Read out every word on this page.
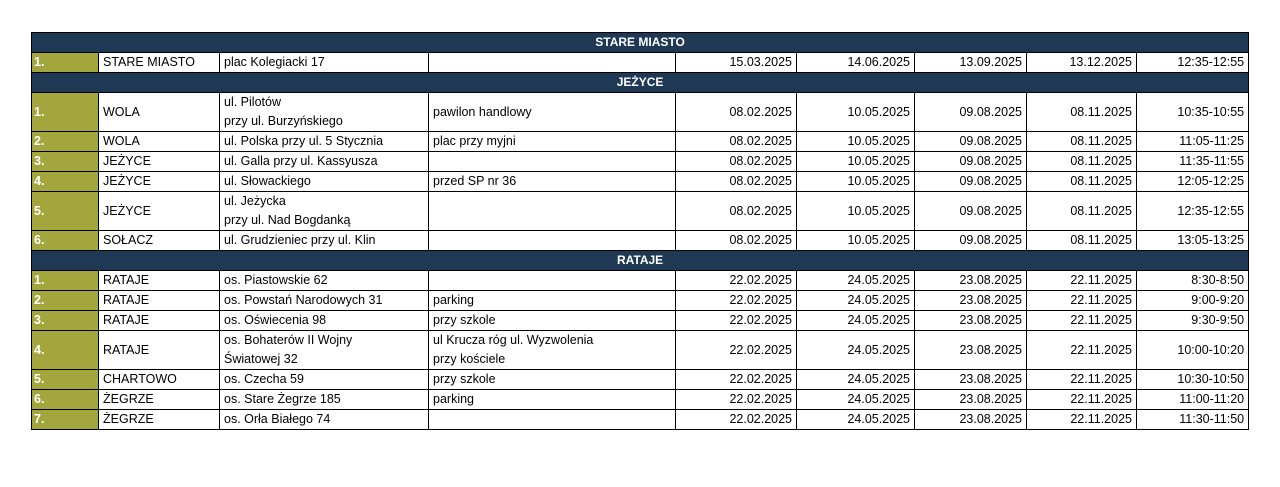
STARE MIASTO								
1.	STARE MIASTO	plac Kolegiacki 17		15.03.2025	14.06.2025	13.09.2025	13.12.2025	12:35-12:55
JEŻYCE								
1.	WOLA	ul. Pilotów
przy ul. Burzyńskiego	pawilon handlowy	08.02.2025	10.05.2025	09.08.2025	08.11.2025	10:35-10:55
2.	WOLA	ul. Polska przy ul. 5 Stycznia	plac przy myjni	08.02.2025	10.05.2025	09.08.2025	08.11.2025	11:05-11:25
3.	JEŻYCE	ul. Galla przy ul. Kassyusza		08.02.2025	10.05.2025	09.08.2025	08.11.2025	11:35-11:55
4.	JEŻYCE	ul. Słowackiego	przed SP nr 36	08.02.2025	10.05.2025	09.08.2025	08.11.2025	12:05-12:25
5.	JEŻYCE	ul. Jeżycka
przy ul. Nad Bogdanką		08.02.2025	10.05.2025	09.08.2025	08.11.2025	12:35-12:55
6.	SOŁACZ	ul. Grudzieniec przy ul. Klin		08.02.2025	10.05.2025	09.08.2025	08.11.2025	13:05-13:25
RATAJE								
1.	RATAJE	os. Piastowskie 62		22.02.2025	24.05.2025	23.08.2025	22.11.2025	8:30-8:50
2.	RATAJE	os. Powstań Narodowych 31	parking	22.02.2025	24.05.2025	23.08.2025	22.11.2025	9:00-9:20
3.	RATAJE	os. Oświecenia 98	przy szkole	22.02.2025	24.05.2025	23.08.2025	22.11.2025	9:30-9:50
4.	RATAJE	os. Bohaterów II Wojny
Światowej 32	ul Krucza róg ul. Wyzwolenia
przy kościele	22.02.2025	24.05.2025	23.08.2025	22.11.2025	10:00-10:20
5.	CHARTOWO	os. Czecha 59	przy szkole	22.02.2025	24.05.2025	23.08.2025	22.11.2025	10:30-10:50
6.	ŻEGRZE	os. Stare Żegrze 185	parking	22.02.2025	24.05.2025	23.08.2025	22.11.2025	11:00-11:20
7.	ŻEGRZE	os. Orła Białego 74		22.02.2025	24.05.2025	23.08.2025	22.11.2025	11:30-11:50
